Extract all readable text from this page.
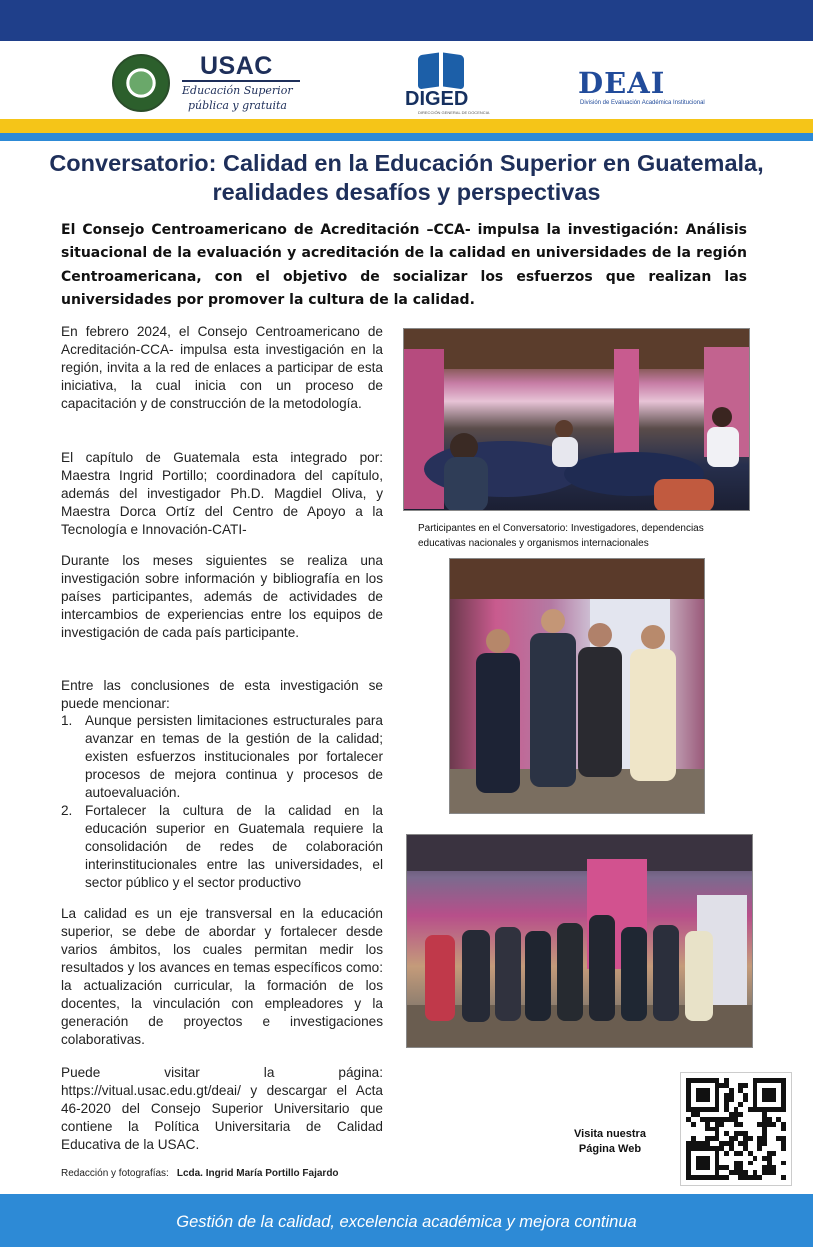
USAC
Educación Superior
pública y gratuita	DIGED
DIRECCIÓN GENERAL DE DOCENCIA
DEAI
División de Evaluación Académica Institucional
Conversatorio: Calidad en la Educación Superior en Guatemala, realidades desafíos y perspectivas

El Consejo Centroamericano de Acreditación –CCA- impulsa la investigación: Análisis situacional de la evaluación y acreditación de la calidad en universidades de la región Centroamericana, con el objetivo de socializar los esfuerzos que realizan las universidades por promover la cultura de la calidad.

En febrero 2024, el Consejo Centroamericano de Acreditación-CCA- impulsa esta investigación en la región, invita a la red de enlaces a participar de esta iniciativa, la cual inicia con un proceso de capacitación y de construcción de la metodología.

El capítulo de Guatemala esta integrado por: Maestra Ingrid Portillo; coordinadora del capítulo, además del investigador Ph.D. Magdiel Oliva, y Maestra Dorca Ortíz del Centro de Apoyo a la Tecnología e Innovación-CATI-

Durante los meses siguientes se realiza una investigación sobre información y bibliografía en los países participantes, además de actividades de intercambios de experiencias entre los equipos de investigación de cada país participante.

Entre las conclusiones de esta investigación se puede mencionar:

1. Aunque persisten limitaciones estructurales para avanzar en temas de la gestión de la calidad; existen esfuerzos institucionales por fortalecer procesos de mejora continua y procesos de autoevaluación.
2. Fortalecer la cultura de la calidad en la educación superior en Guatemala requiere la consolidación de redes de colaboración interinstitucionales entre las universidades, el sector público y el sector productivo

La calidad es un eje transversal en la educación superior, se debe de abordar y fortalecer desde varios ámbitos, los cuales permitan medir los resultados y los avances en temas específicos como: la actualización curricular, la formación de los docentes, la vinculación con empleadores y la generación de proyectos e investigaciones colaborativas.

Puede visitar la página: https://vitual.usac.edu.gt/deai/ y descargar el Acta 46-2020 del Consejo Superior Universitario que contiene la Política Universitaria de Calidad Educativa de la USAC.

Redacción y fotografías: Lcda. Ingrid María Portillo Fajardo
Participantes en el Conversatorio: Investigadores, dependencias educativas nacionales y organismos internacionales
Visita nuestra
Página Web
Gestión de la calidad, excelencia académica y mejora continua
